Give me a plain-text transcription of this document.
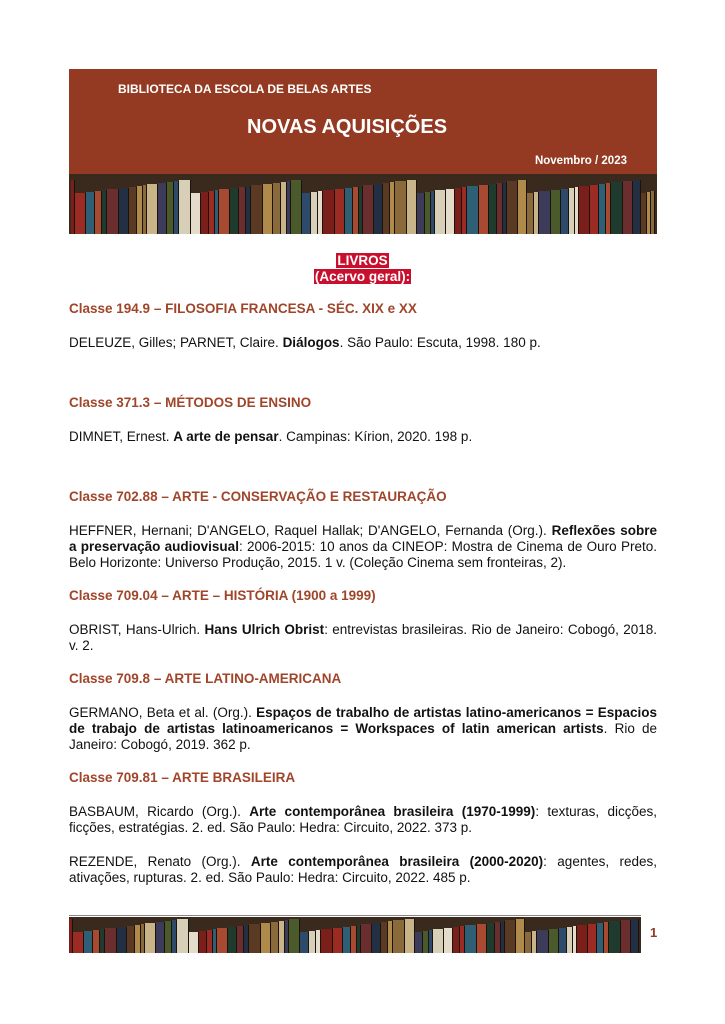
BIBLIOTECA DA ESCOLA DE BELAS ARTES
NOVAS AQUISIÇÕES
Novembro / 2023
LIVROS
(Acervo geral):
Classe 194.9 – FILOSOFIA FRANCESA - SÉC. XIX e XX

DELEUZE, Gilles; PARNET, Claire. Diálogos. São Paulo: Escuta, 1998. 180 p.

Classe 371.3 – MÉTODOS DE ENSINO

DIMNET, Ernest. A arte de pensar. Campinas: Kírion, 2020. 198 p.

Classe 702.88 – ARTE - CONSERVAÇÃO E RESTAURAÇÃO

HEFFNER, Hernani; D'ANGELO, Raquel Hallak; D'ANGELO, Fernanda (Org.). Reflexões sobre a preservação audiovisual: 2006-2015: 10 anos da CINEOP: Mostra de Cinema de Ouro Preto. Belo Horizonte: Universo Produção, 2015. 1 v. (Coleção Cinema sem fronteiras, 2).

Classe 709.04 – ARTE – HISTÓRIA (1900 a 1999)

OBRIST, Hans-Ulrich. Hans Ulrich Obrist: entrevistas brasileiras. Rio de Janeiro: Cobogó, 2018. v. 2.

Classe 709.8 – ARTE LATINO-AMERICANA

GERMANO, Beta et al. (Org.). Espaços de trabalho de artistas latino-americanos = Espacios de trabajo de artistas latinoamericanos = Workspaces of latin american artists. Rio de Janeiro: Cobogó, 2019. 362 p.

Classe 709.81 – ARTE BRASILEIRA

BASBAUM, Ricardo (Org.). Arte contemporânea brasileira (1970-1999): texturas, dicções, ficções, estratégias. 2. ed. São Paulo: Hedra: Circuito, 2022. 373 p.

REZENDE, Renato (Org.). Arte contemporânea brasileira (2000-2020): agentes, redes, ativações, rupturas. 2. ed. São Paulo: Hedra: Circuito, 2022. 485 p.

1
